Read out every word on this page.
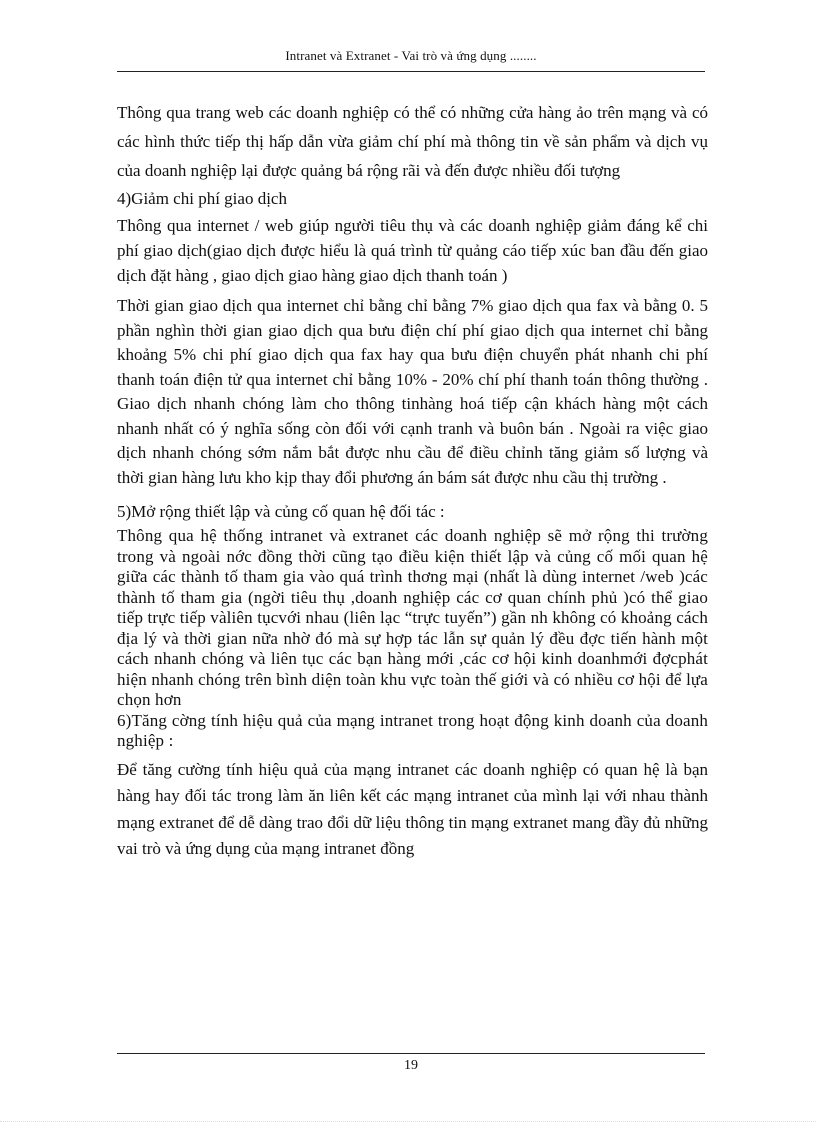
Intranet và Extranet - Vai trò và ứng dụng ........

Thông qua trang web các doanh nghiệp có thể có những cửa hàng ảo trên mạng và có các hình thức tiếp thị hấp dẫn vừa giảm chí phí mà thông tin về sản phẩm và dịch vụ của doanh nghiệp lại được quảng bá rộng rãi và đến được nhiều đối tượng

4)Giảm chi phí giao dịch

Thông qua internet / web giúp người tiêu thụ và các doanh nghiệp giảm đáng kể chi phí giao dịch(giao dịch được hiểu là quá trình từ quảng cáo tiếp xúc ban đầu đến giao dịch đặt hàng , giao dịch giao hàng giao dịch thanh toán )

Thời gian giao dịch qua internet chỉ bằng chỉ bằng 7% giao dịch qua fax và bằng 0. 5 phần nghìn thời gian giao dịch qua bưu điện chí phí giao dịch qua internet chỉ bằng khoảng 5% chi phí giao dịch qua fax hay qua bưu điện chuyển phát nhanh chi phí thanh toán điện tử qua internet chỉ bằng 10% - 20% chí phí thanh toán thông thường . Giao dịch nhanh chóng làm cho thông tinhàng hoá tiếp cận khách hàng một cách nhanh nhất có ý nghĩa sống còn đối với cạnh tranh và buôn bán . Ngoài ra việc giao dịch nhanh chóng sớm nắm bắt được nhu cầu để điều chỉnh tăng giảm số lượng và thời gian hàng lưu kho kịp thay đổi phương án bám sát được nhu cầu thị trường .

5)Mở rộng thiết lập và củng cố quan hệ đối tác :

Thông qua hệ thống intranet và extranet các doanh nghiệp sẽ mở rộng thi trường trong và ngoài nớc đồng thời cũng tạo điều kiện thiết lập và củng cố mối quan hệ giữa các thành tố tham gia vào quá trình thơng mại (nhất là dùng internet /web )các thành tố tham gia (ngời tiêu thụ ,doanh nghiệp các cơ quan chính phủ )có thể giao tiếp trực tiếp vàliên tụcvới nhau (liên lạc “trực tuyến”) gần nh không có khoảng cách địa lý và thời gian nữa nhờ đó mà sự hợp tác lẫn sự quản lý đều đợc tiến hành một cách nhanh chóng và liên tục các bạn hàng mới ,các cơ hội kinh doanhmới đợcphát hiện nhanh chóng trên bình diện toàn khu vực toàn thế giới và có nhiều cơ hội để lựa chọn hơn

6)Tăng cờng tính hiệu quả của mạng intranet trong hoạt động kinh doanh của doanh nghiệp :

Để tăng cường tính hiệu quả của mạng intranet các doanh nghiệp có quan hệ là bạn hàng hay đối tác trong làm ăn liên kết các mạng intranet của mình lại với nhau thành mạng extranet để dễ dàng trao đổi dữ liệu thông tin mạng extranet mang đầy đủ những vai trò và ứng dụng của mạng intranet đồng

19
